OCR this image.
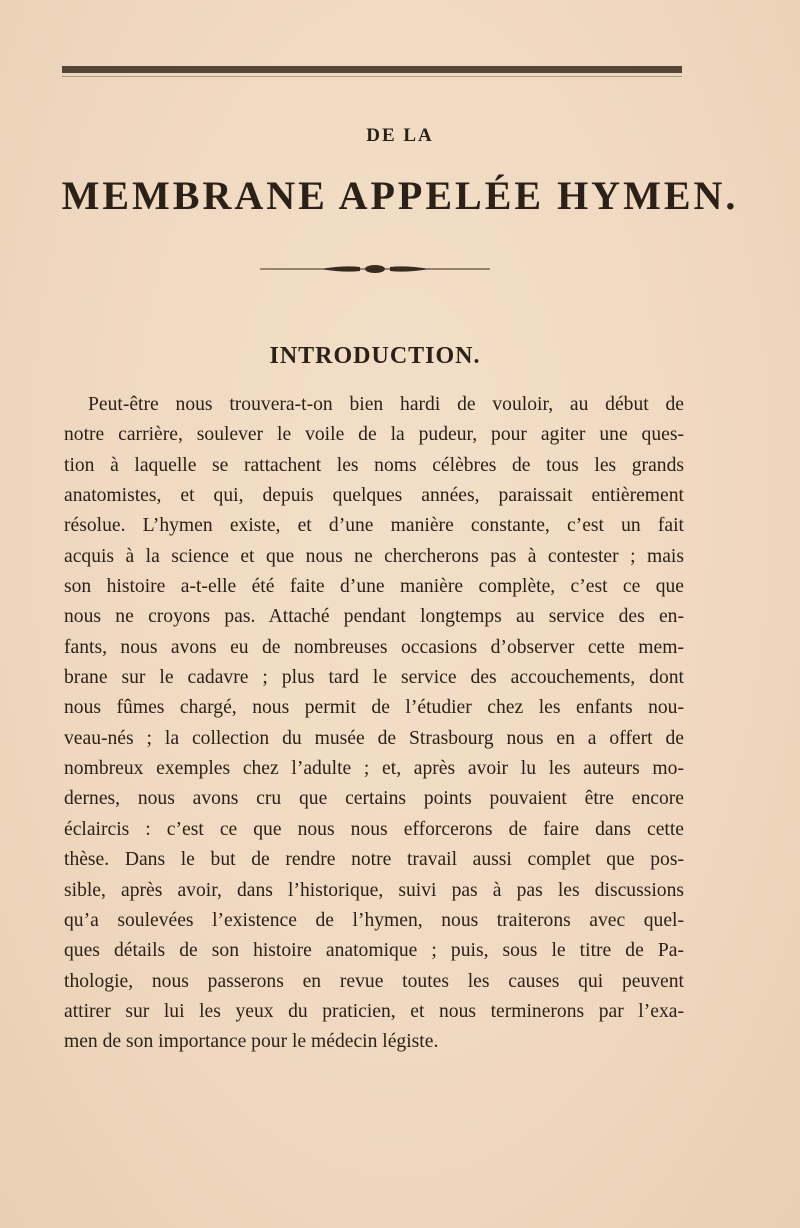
DE LA
MEMBRANE APPELÉE HYMEN.
INTRODUCTION.
Peut-être nous trouvera-t-on bien hardi de vouloir, au début de
notre carrière, soulever le voile de la pudeur, pour agiter une ques-
tion à laquelle se rattachent les noms célèbres de tous les grands
anatomistes, et qui, depuis quelques années, paraissait entièrement
résolue. L’hymen existe, et d’une manière constante, c’est un fait
acquis à la science et que nous ne chercherons pas à contester ; mais
son histoire a-t-elle été faite d’une manière complète, c’est ce que
nous ne croyons pas. Attaché pendant longtemps au service des en-
fants, nous avons eu de nombreuses occasions d’observer cette mem-
brane sur le cadavre ; plus tard le service des accouchements, dont
nous fûmes chargé, nous permit de l’étudier chez les enfants nou-
veau-nés ; la collection du musée de Strasbourg nous en a offert de
nombreux exemples chez l’adulte ; et, après avoir lu les auteurs mo-
dernes, nous avons cru que certains points pouvaient être encore
éclaircis : c’est ce que nous nous efforcerons de faire dans cette
thèse. Dans le but de rendre notre travail aussi complet que pos-
sible, après avoir, dans l’historique, suivi pas à pas les discussions
qu’a soulevées l’existence de l’hymen, nous traiterons avec quel-
ques détails de son histoire anatomique ; puis, sous le titre de Pa-
thologie, nous passerons en revue toutes les causes qui peuvent
attirer sur lui les yeux du praticien, et nous terminerons par l’exa-
men de son importance pour le médecin légiste.
